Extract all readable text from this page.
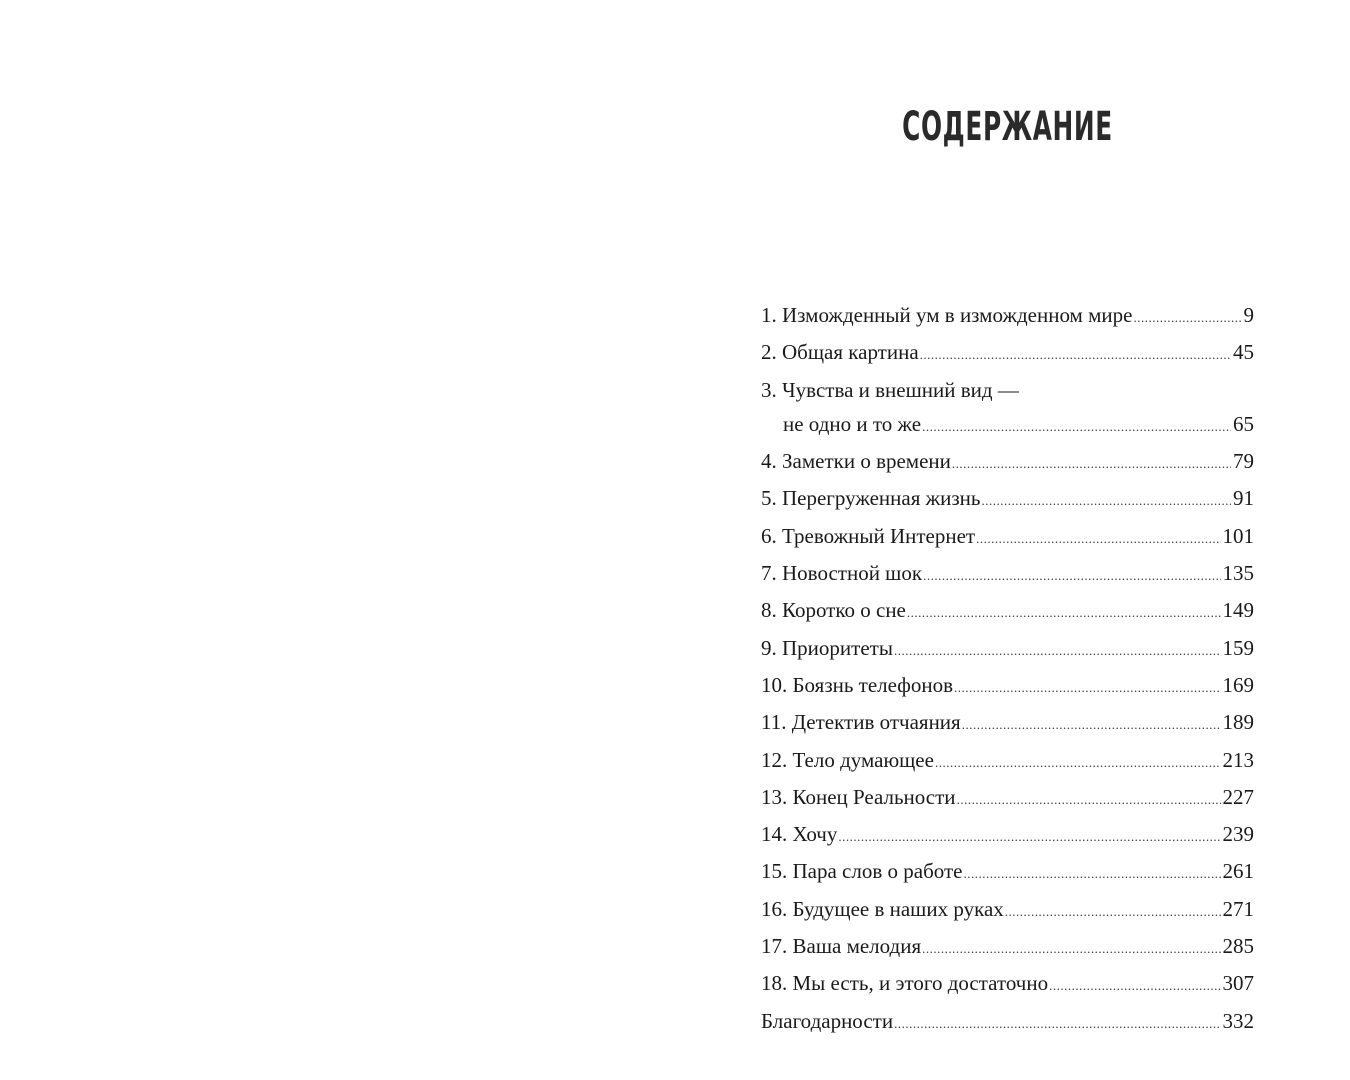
СОДЕРЖАНИЕ
1. Изможденный ум в изможденном мире .....	9
2. Общая картина .....	45
3. Чувства и внешний вид —
не одно и то же .....	65
4. Заметки о времени .....	79
5. Перегруженная жизнь .....	91
6. Тревожный Интернет .....	101
7. Новостной шок .....	135
8. Коротко о сне .....	149
9. Приоритеты .....	159
10. Боязнь телефонов .....	169
11. Детектив отчаяния .....	189
12. Тело думающее .....	213
13. Конец Реальности .....	227
14. Хочу .....	239
15. Пара слов о работе .....	261
16. Будущее в наших руках .....	271
17. Ваша мелодия .....	285
18. Мы есть, и этого достаточно .....	307
Благодарности .....	332
